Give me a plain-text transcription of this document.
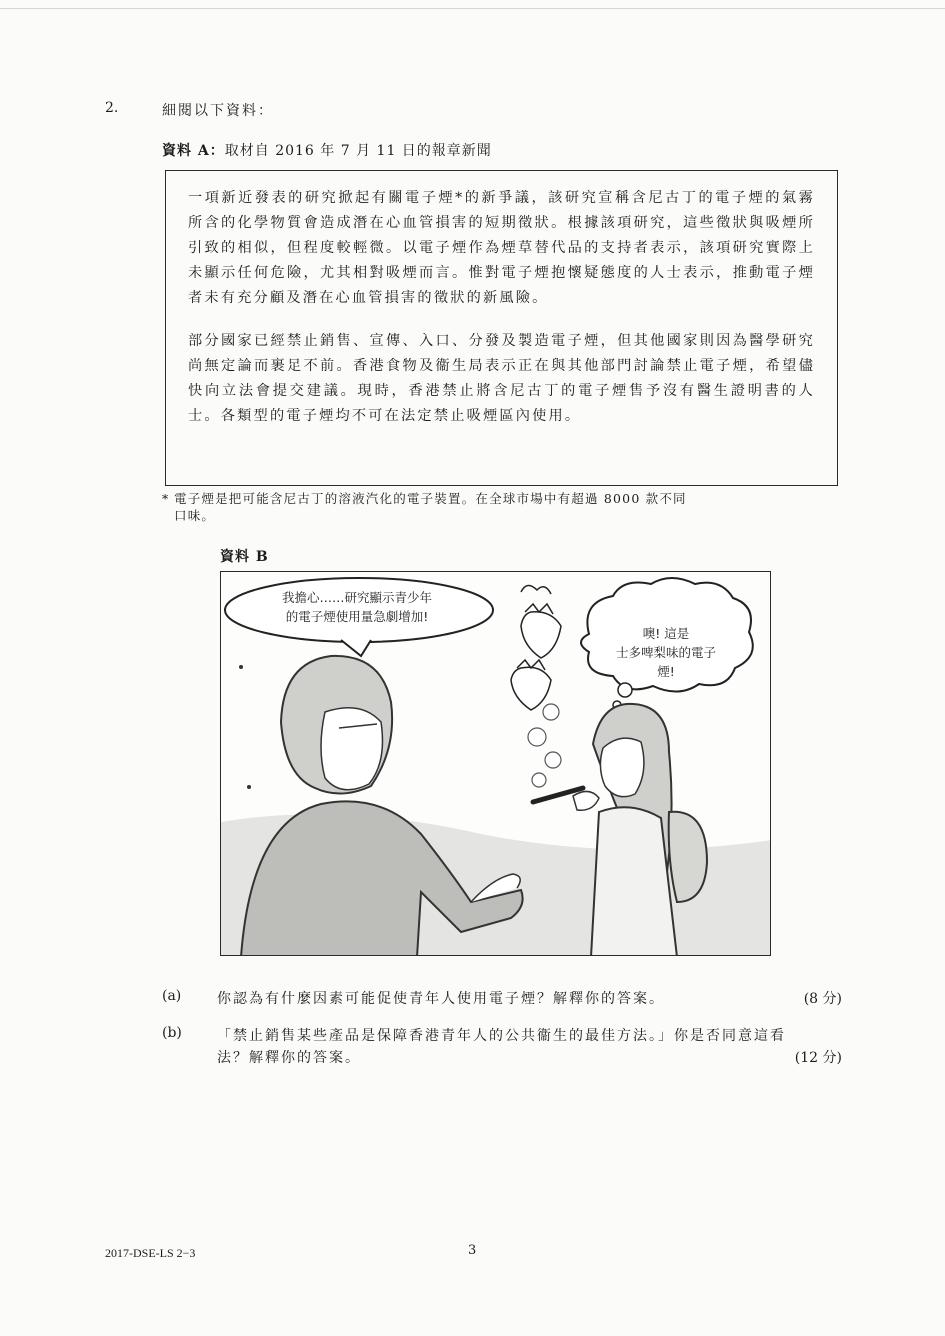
2.	細閱以下資料：
資料 A：取材自 2016 年 7 月 11 日的報章新聞

一項新近發表的研究掀起有關電子煙*的新爭議，該研究宣稱含尼古丁的電子煙的氣霧所含的化學物質會造成潛在心血管損害的短期徵狀。根據該項研究，這些徵狀與吸煙所引致的相似，但程度較輕微。以電子煙作為煙草替代品的支持者表示，該項研究實際上未顯示任何危險，尤其相對吸煙而言。惟對電子煙抱懷疑態度的人士表示，推動電子煙者未有充分顧及潛在心血管損害的徵狀的新風險。

部分國家已經禁止銷售、宣傳、入口、分發及製造電子煙，但其他國家則因為醫學研究尚無定論而裹足不前。香港食物及衞生局表示正在與其他部門討論禁止電子煙，希望儘快向立法會提交建議。現時，香港禁止將含尼古丁的電子煙售予沒有醫生證明書的人士。各類型的電子煙均不可在法定禁止吸煙區內使用。

* 電子煙是把可能含尼古丁的溶液汽化的電子裝置。在全球市場中有超過 8000 款不同
口味。
資料 B
我擔心……研究顯示青少年
的電子煙使用量急劇增加!
噢! 這是
士多啤梨味的電子
煙!
(a)	你認為有什麼因素可能促使青年人使用電子煙？解釋你的答案。	(8 分)
(b)	「禁止銷售某些產品是保障香港青年人的公共衞生的最佳方法。」你是否同意這看法？解釋你的答案。	(12 分)
2017-DSE-LS 2−3	3
